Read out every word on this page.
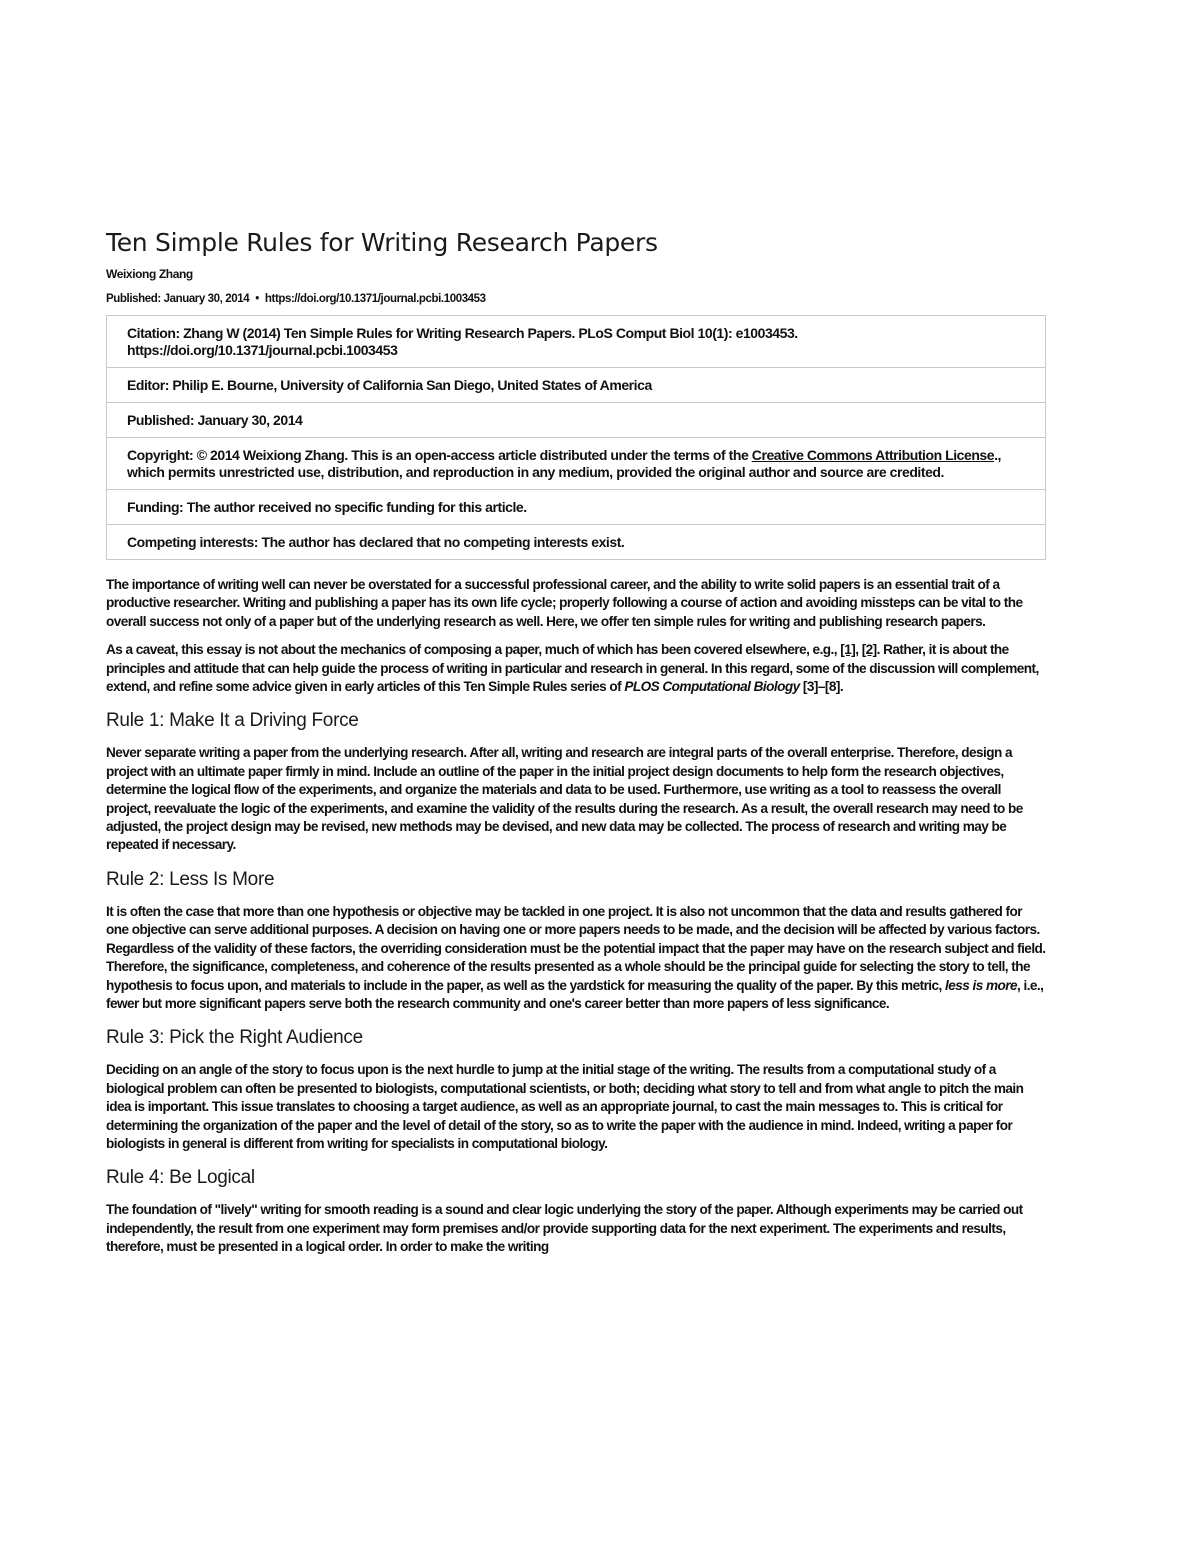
Ten Simple Rules for Writing Research Papers
Weixiong Zhang
Published: January 30, 2014 • https://doi.org/10.1371/journal.pcbi.1003453
Citation: Zhang W (2014) Ten Simple Rules for Writing Research Papers. PLoS Comput Biol 10(1): e1003453. https://doi.org/10.1371/journal.pcbi.1003453
Editor: Philip E. Bourne, University of California San Diego, United States of America
Published: January 30, 2014
Copyright: © 2014 Weixiong Zhang. This is an open-access article distributed under the terms of the Creative Commons Attribution License., which permits unrestricted use, distribution, and reproduction in any medium, provided the original author and source are credited.
Funding: The author received no specific funding for this article.
Competing interests: The author has declared that no competing interests exist.

The importance of writing well can never be overstated for a successful professional career, and the ability to write solid papers is an essential trait of a productive researcher. Writing and publishing a paper has its own life cycle; properly following a course of action and avoiding missteps can be vital to the overall success not only of a paper but of the underlying research as well. Here, we offer ten simple rules for writing and publishing research papers.

As a caveat, this essay is not about the mechanics of composing a paper, much of which has been covered elsewhere, e.g., [1], [2]. Rather, it is about the principles and attitude that can help guide the process of writing in particular and research in general. In this regard, some of the discussion will complement, extend, and refine some advice given in early articles of this Ten Simple Rules series of PLOS Computational Biology [3]–[8].

Rule 1: Make It a Driving Force

Never separate writing a paper from the underlying research. After all, writing and research are integral parts of the overall enterprise. Therefore, design a project with an ultimate paper firmly in mind. Include an outline of the paper in the initial project design documents to help form the research objectives, determine the logical flow of the experiments, and organize the materials and data to be used. Furthermore, use writing as a tool to reassess the overall project, reevaluate the logic of the experiments, and examine the validity of the results during the research. As a result, the overall research may need to be adjusted, the project design may be revised, new methods may be devised, and new data may be collected. The process of research and writing may be repeated if necessary.

Rule 2: Less Is More

It is often the case that more than one hypothesis or objective may be tackled in one project. It is also not uncommon that the data and results gathered for one objective can serve additional purposes. A decision on having one or more papers needs to be made, and the decision will be affected by various factors. Regardless of the validity of these factors, the overriding consideration must be the potential impact that the paper may have on the research subject and field. Therefore, the significance, completeness, and coherence of the results presented as a whole should be the principal guide for selecting the story to tell, the hypothesis to focus upon, and materials to include in the paper, as well as the yardstick for measuring the quality of the paper. By this metric, less is more, i.e., fewer but more significant papers serve both the research community and one's career better than more papers of less significance.

Rule 3: Pick the Right Audience

Deciding on an angle of the story to focus upon is the next hurdle to jump at the initial stage of the writing. The results from a computational study of a biological problem can often be presented to biologists, computational scientists, or both; deciding what story to tell and from what angle to pitch the main idea is important. This issue translates to choosing a target audience, as well as an appropriate journal, to cast the main messages to. This is critical for determining the organization of the paper and the level of detail of the story, so as to write the paper with the audience in mind. Indeed, writing a paper for biologists in general is different from writing for specialists in computational biology.

Rule 4: Be Logical

The foundation of "lively" writing for smooth reading is a sound and clear logic underlying the story of the paper. Although experiments may be carried out independently, the result from one experiment may form premises and/or provide supporting data for the next experiment. The experiments and results, therefore, must be presented in a logical order. In order to make the writing
